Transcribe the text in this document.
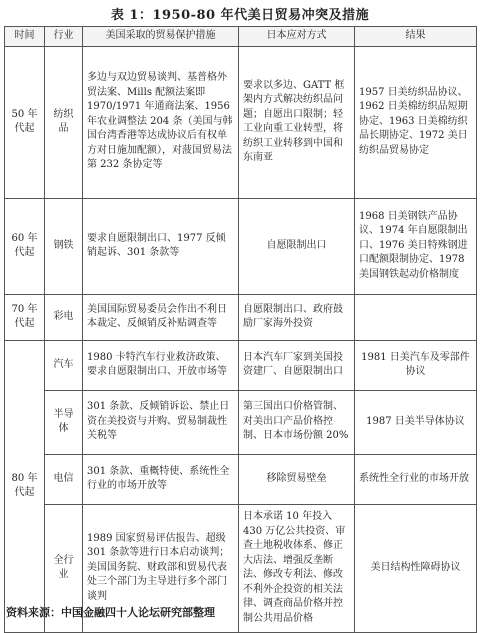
表 1：1950-80 年代美日贸易冲突及措施
时间	行业	美国采取的贸易保护措施	日本应对方式	结果
50 年代起	纺织品	多边与双边贸易谈判、基普格外贸法案、Mills 配额法案即 1970/1971 年通商法案、1956 年农业调整法 204 条（美国与韩国台湾香港等达成协议后有权单方对日施加配额），对菠国贸易法第 232 条协定等	要求以多边、GATT 框架内方式解决纺织品问题；自愿出口限制；轻工业向重工业转型，将纺织工业转移到中国和东南亚	1957 日美纺织品协议、1962 日美棉纺织品短期协定、1963 日美棉纺织品长期协定、1972 美日纺织品贸易协定
60 年代起	钢铁	要求自愿限制出口、1977 反倾销起诉、301 条款等	自愿限制出口	1968 日美钢铁产品协议、1974 年自愿限制出口、1976 美日特殊钢进口配额限制协定、1978 美国钢铁起动价格制度
70 年代起	彩电	美国国际贸易委员会作出不利日本裁定、反倾销反补贴调查等	自愿限制出口、政府鼓励厂家海外投资	
80 年代起	汽车	1980 卡特汽车行业救济政策、要求自愿限制出口、开放市场等	日本汽车厂家到美国投资建厂、自愿限制出口	1981 日美汽车及零部件协议
	半导体	301 条款、反倾销诉讼、禁止日资在美投资与并购、贸易制裁性关税等	第三国出口价格管制、对美出口产品价格控制、日本市场份额 20%	1987 日美半导体协议
	电信	301 条款、重概特使、系统性全行业的市场开放等	移除贸易壁垒	系统性全行业的市场开放
	全行业	1989 国家贸易评估报告、超级 301 条款等进行日本启动谈判；美国国务院、财政部和贸易代表处三个部门为主导进行多个部门谈判	日本承诺 10 年投入 430 万亿公共投资、审查土地税收体系、修正大店法、增强反垄断法、修改专利法、修改不利外企投资的相关法律、调查商品价格并控制公共用品价格	美日结构性障碍协议
资料来源：中国金融四十人论坛研究部整理
